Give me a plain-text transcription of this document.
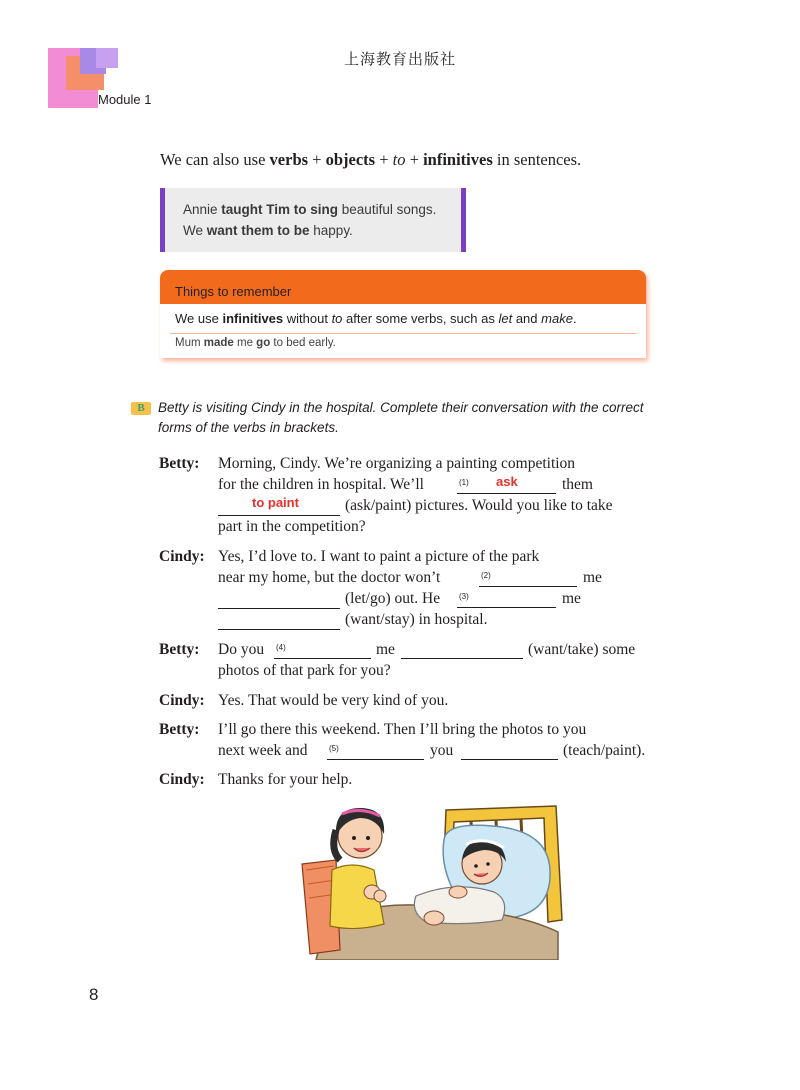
上海教育出版社
Module 1
We can also use verbs + objects + to + infinitives in sentences.
Annie taught Tim to sing beautiful songs.
We want them to be happy.
Things to remember
We use infinitives without to after some verbs, such as let and make.
Mum made me go to bed early.
B Betty is visiting Cindy in the hospital. Complete their conversation with the correct
forms of the verbs in brackets.
Betty: Morning, Cindy. We’re organizing a painting competition
for the children in hospital. We’ll	(1) ask	them
to paint	(ask/paint) pictures. Would you like to take
part in the competition?
Cindy: Yes, I’d love to. I want to paint a picture of the park
near my home, but the doctor won’t	(2)	me
(let/go) out. He (3)	me
(want/stay) in hospital.
Betty: Do you (4)	me	(want/take) some
photos of that park for you?
Cindy: Yes. That would be very kind of you.
Betty: I’ll go there this weekend. Then I’ll bring the photos to you
next week and	(5)	you	(teach/paint).
Cindy: Thanks for your help.
8
